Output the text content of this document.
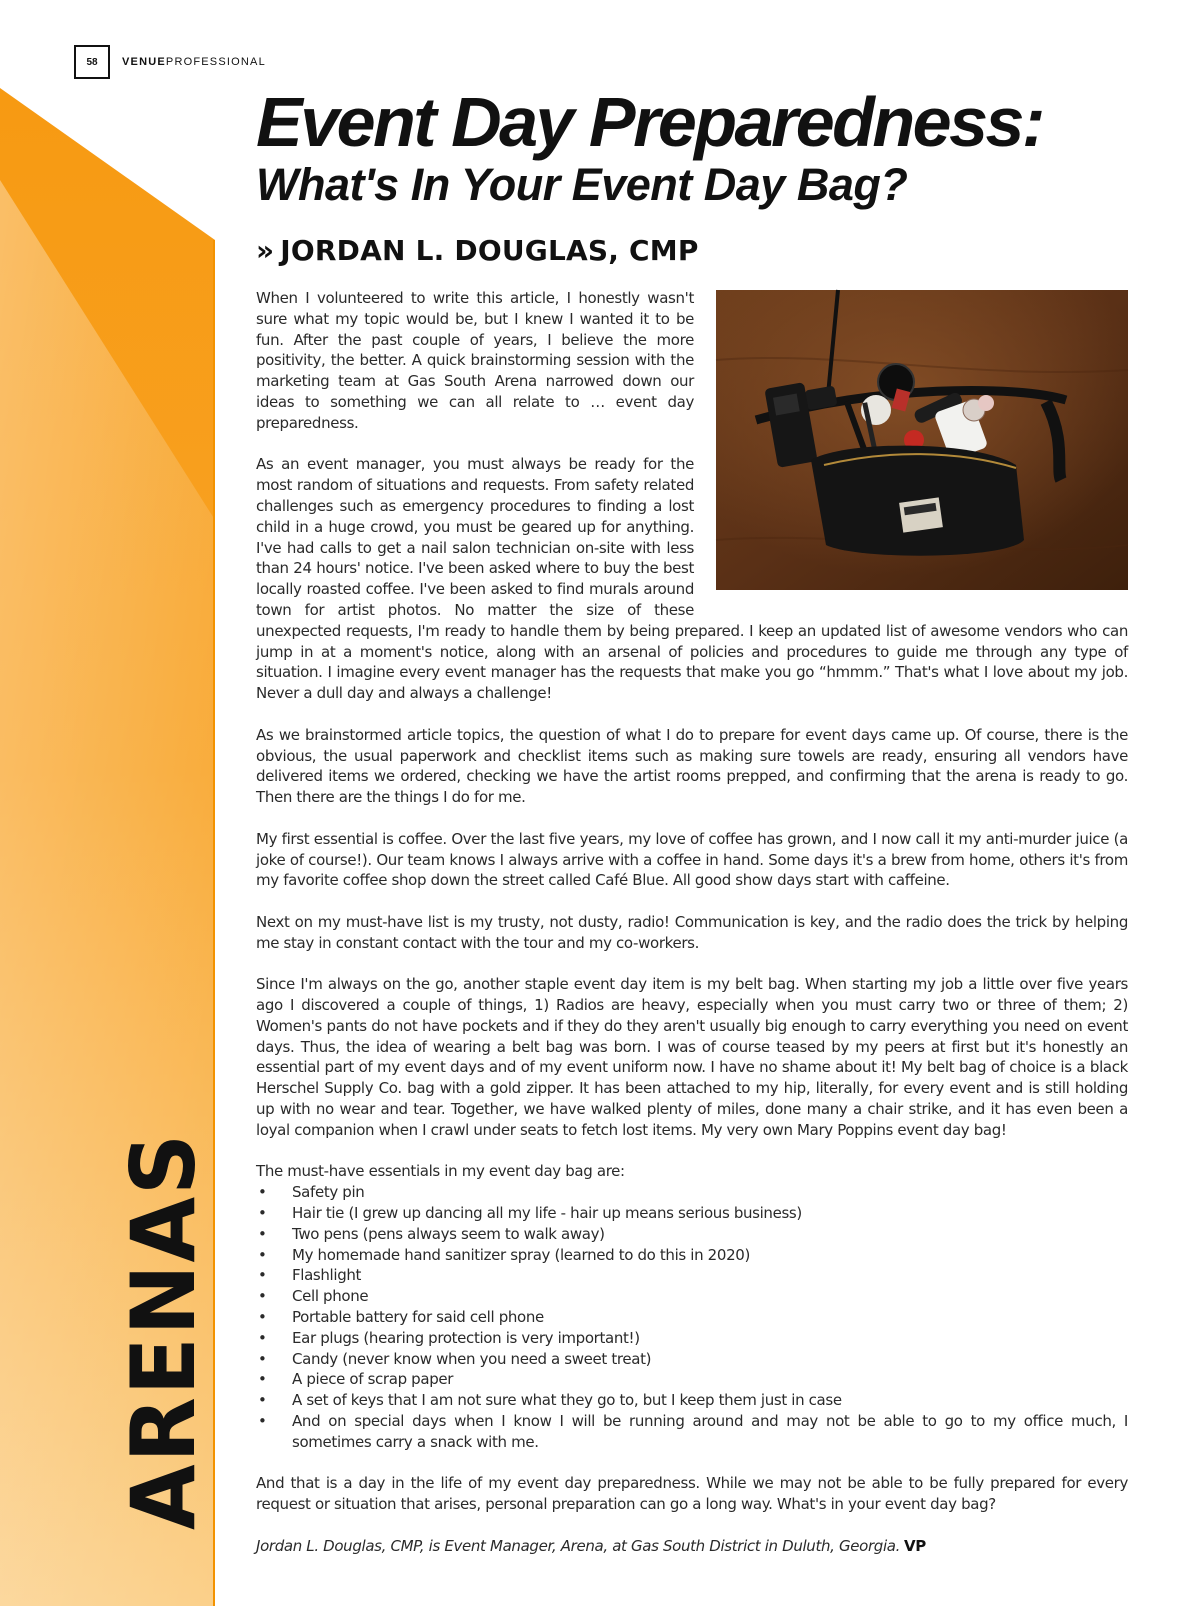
ARENAS
58	VENUEPROFESSIONAL
Event Day Preparedness:
What's In Your Event Day Bag?
» JORDAN L. DOUGLAS, CMP

When I volunteered to write this article, I honestly wasn't sure what my topic would be, but I knew I wanted it to be fun. After the past couple of years, I believe the more positivity, the better. A quick brainstorming session with the marketing team at Gas South Arena narrowed down our ideas to something we can all relate to … event day preparedness.

As an event manager, you must always be ready for the most random of situations and requests. From safety related challenges such as emergency procedures to finding a lost child in a huge crowd, you must be geared up for anything. I've had calls to get a nail salon technician on-site with less than 24 hours' notice. I've been asked where to buy the best locally roasted coffee. I've been asked to find murals around town for artist photos. No matter the size of these unexpected requests, I'm ready to handle them by being prepared. I keep an updated list of awesome vendors who can jump in at a moment's notice, along with an arsenal of policies and procedures to guide me through any type of situation. I imagine every event manager has the requests that make you go “hmmm.” That's what I love about my job. Never a dull day and always a challenge!

As we brainstormed article topics, the question of what I do to prepare for event days came up. Of course, there is the obvious, the usual paperwork and checklist items such as making sure towels are ready, ensuring all vendors have delivered items we ordered, checking we have the artist rooms prepped, and confirming that the arena is ready to go. Then there are the things I do for me.

My first essential is coffee. Over the last five years, my love of coffee has grown, and I now call it my anti-murder juice (a joke of course!). Our team knows I always arrive with a coffee in hand. Some days it's a brew from home, others it's from my favorite coffee shop down the street called Café Blue. All good show days start with caffeine.

Next on my must-have list is my trusty, not dusty, radio! Communication is key, and the radio does the trick by helping me stay in constant contact with the tour and my co-workers.

Since I'm always on the go, another staple event day item is my belt bag. When starting my job a little over five years ago I discovered a couple of things, 1) Radios are heavy, especially when you must carry two or three of them; 2) Women's pants do not have pockets and if they do they aren't usually big enough to carry everything you need on event days. Thus, the idea of wearing a belt bag was born. I was of course teased by my peers at first but it's honestly an essential part of my event days and of my event uniform now. I have no shame about it! My belt bag of choice is a black Herschel Supply Co. bag with a gold zipper. It has been attached to my hip, literally, for every event and is still holding up with no wear and tear. Together, we have walked plenty of miles, done many a chair strike, and it has even been a loyal companion when I crawl under seats to fetch lost items. My very own Mary Poppins event day bag!

The must-have essentials in my event day bag are:

• Safety pin
• Hair tie (I grew up dancing all my life - hair up means serious business)
• Two pens (pens always seem to walk away)
• My homemade hand sanitizer spray (learned to do this in 2020)
• Flashlight
• Cell phone
• Portable battery for said cell phone
• Ear plugs (hearing protection is very important!)
• Candy (never know when you need a sweet treat)
• A piece of scrap paper
• A set of keys that I am not sure what they go to, but I keep them just in case
• And on special days when I know I will be running around and may not be able to go to my office much, I sometimes carry a snack with me.

And that is a day in the life of my event day preparedness. While we may not be able to be fully prepared for every request or situation that arises, personal preparation can go a long way. What's in your event day bag?

Jordan L. Douglas, CMP, is Event Manager, Arena, at Gas South District in Duluth, Georgia. VP
